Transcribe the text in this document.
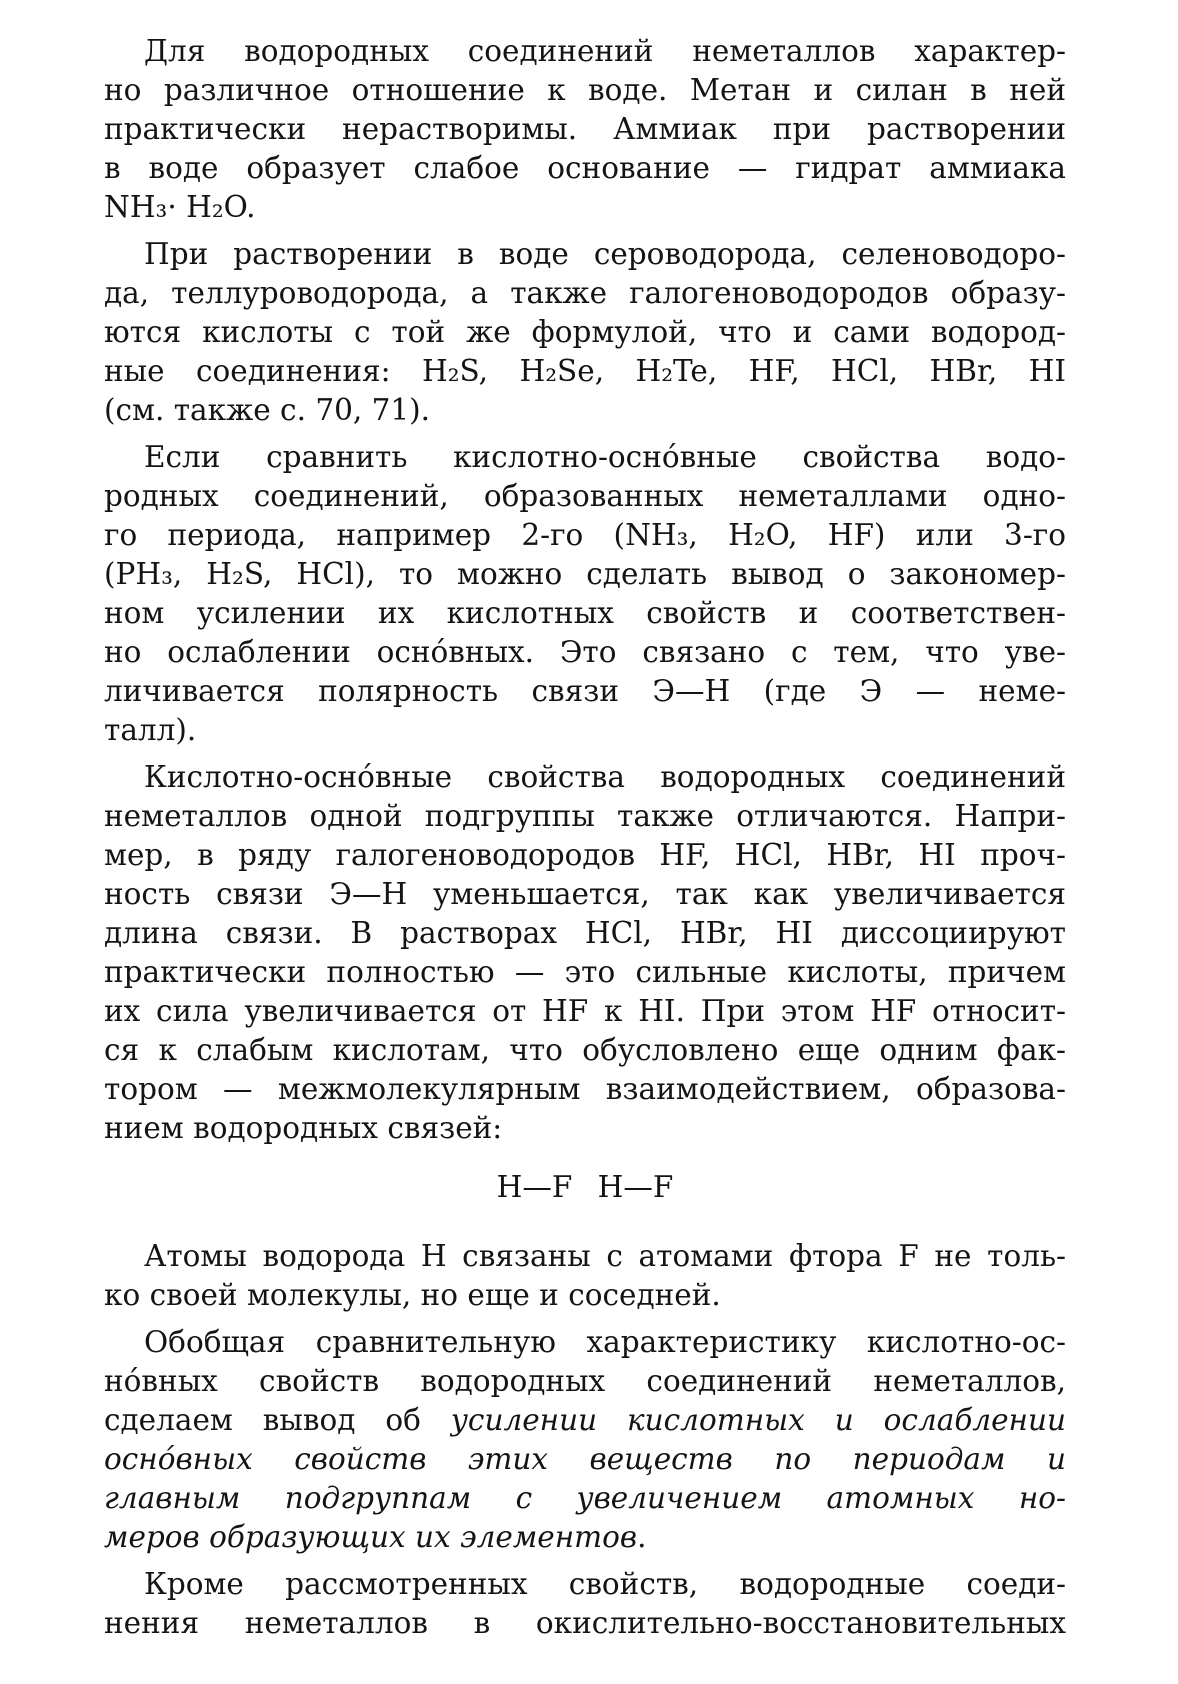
Для водородных соединений неметаллов характер-
но различное отношение к воде. Метан и силан в ней
практически нерастворимы. Аммиак при растворении
в воде образует слабое основание — гидрат аммиака
NH₃· H₂O.
При растворении в воде сероводорода, селеноводоро-
да, теллуроводорода, а также галогеноводородов образу-
ются кислоты с той же формулой, что и сами водород-
ные соединения: H₂S, H₂Se, H₂Te, HF, HCl, HBr, HI
(см. также с. 70, 71).
Если сравнить кислотно-осно́вные свойства водо-
родных соединений, образованных неметаллами одно-
го периода, например 2-го (NH₃, H₂O, HF) или 3-го
(PH₃, H₂S, HCl), то можно сделать вывод о закономер-
ном усилении их кислотных свойств и соответствен-
но ослаблении осно́вных. Это связано с тем, что уве-
личивается полярность связи Э—H (где Э — неме-
талл).
Кислотно-осно́вные свойства водородных соединений
неметаллов одной подгруппы также отличаются. Напри-
мер, в ряду галогеноводородов HF, HCl, HBr, HI проч-
ность связи Э—H уменьшается, так как увеличивается
длина связи. В растворах HCl, HBr, HI диссоциируют
практически полностью — это сильные кислоты, причем
их сила увеличивается от HF к HI. При этом HF относит-
ся к слабым кислотам, что обусловлено еще одним фак-
тором — межмолекулярным взаимодействием, образова-
нием водородных связей:
H—F H—F
Атомы водорода H связаны с атомами фтора F не толь-
ко своей молекулы, но еще и соседней.
Обобщая сравнительную характеристику кислотно-ос-
но́вных свойств водородных соединений неметаллов,
сделаем вывод об усилении кислотных и ослаблении
осно́вных свойств этих веществ по периодам и
главным подгруппам с увеличением атомных но-
меров образующих их элементов.
Кроме рассмотренных свойств, водородные соеди-
нения неметаллов в окислительно-восстановительных
